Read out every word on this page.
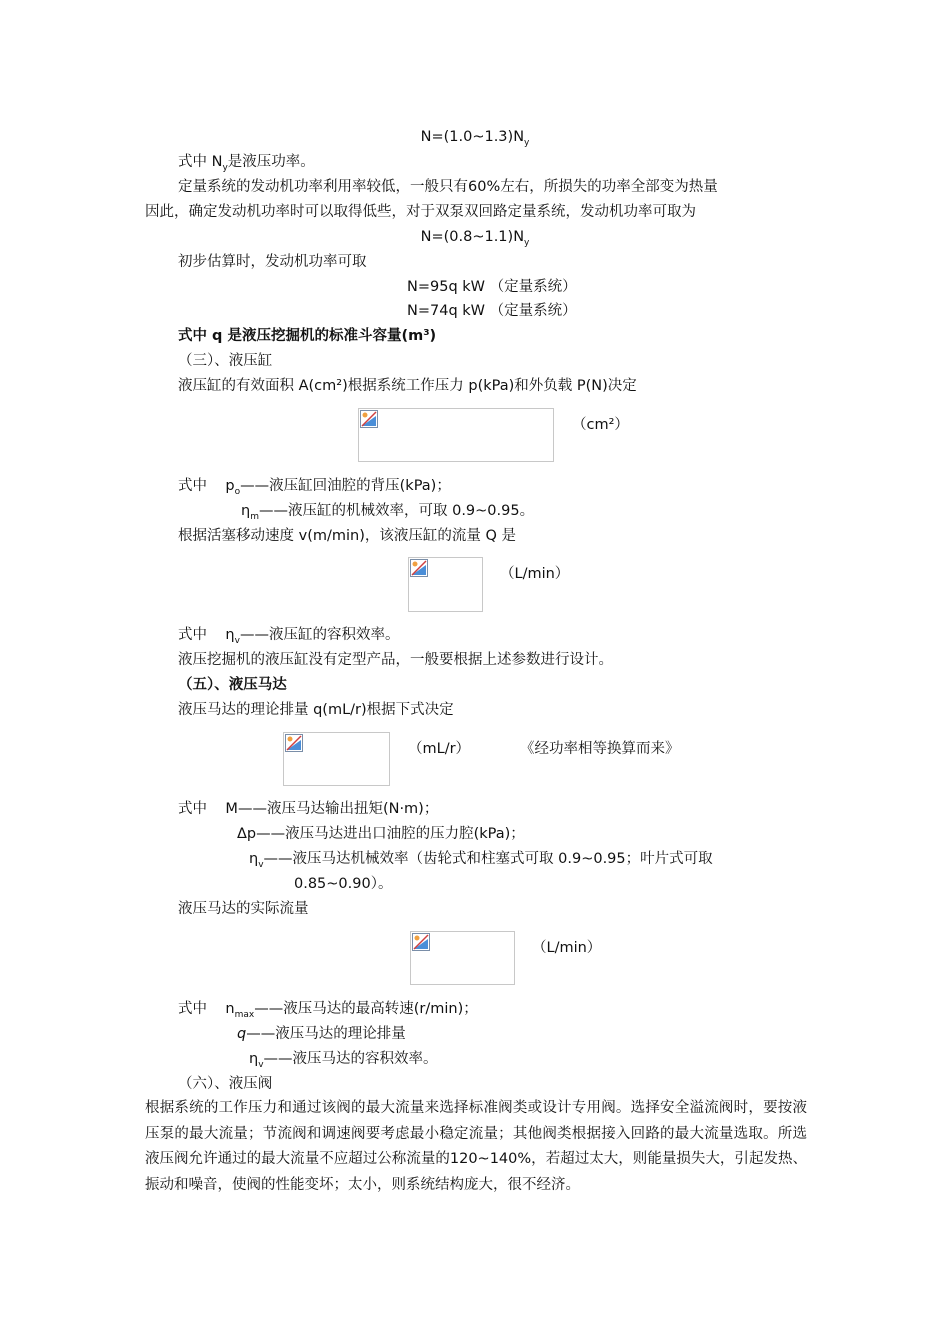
$N=(1.0\sim 1.3)N_y$
式中 $N_y$是液压功率。
定量系统的发动机功率利用率较低，一般只有60%左右，所损失的功率全部变为热量
因此，确定发动机功率时可以取得低些，对于双泵双回路定量系统，发动机功率可取为
$N=(0.8\sim 1.1)N_y$
初步估算时，发动机功率可取
N=95q kW （定量系统）
N=74q kW （定量系统）
式中 q 是液压挖掘机的标准斗容量(m³)
（三）、液压缸
液压缸的有效面积 A(cm²)根据系统工作压力 p(kPa)和外负载 P(N)决定
（cm²）
式中    $p_o——$液压缸回油腔的背压(kPa)；
$\eta_m——$液压缸的机械效率，可取 0.9~0.95。
根据活塞移动速度 v(m/min)，该液压缸的流量 Q 是
（L/min）
式中    $\eta_v——$液压缸的容积效率。
液压挖掘机的液压缸没有定型产品，一般要根据上述参数进行设计。
（五）、液压马达
液压马达的理论排量 q(mL/r)根据下式决定
（mL/r）	《经功率相等换算而来》
式中    M——液压马达输出扭矩(N·m)；
Δp——液压马达进出口油腔的压力腔(kPa)；
$\eta_v——$液压马达机械效率（齿轮式和柱塞式可取 0.9~0.95；叶片式可取
0.85~0.90）。
液压马达的实际流量
（L/min）
式中    $n_{max}——$液压马达的最高转速(r/min)；
q——液压马达的理论排量
$\eta_v——$液压马达的容积效率。
（六）、液压阀
根据系统的工作压力和通过该阀的最大流量来选择标准阀类或设计专用阀。选择安全溢流阀时，要按液压泵的最大流量；节流阀和调速阀要考虑最小稳定流量；其他阀类根据接入回路的最大流量选取。所选液压阀允许通过的最大流量不应超过公称流量的120~140%，若超过太大，则能量损失大，引起发热、振动和噪音，使阀的性能变坏；太小，则系统结构庞大，很不经济。
